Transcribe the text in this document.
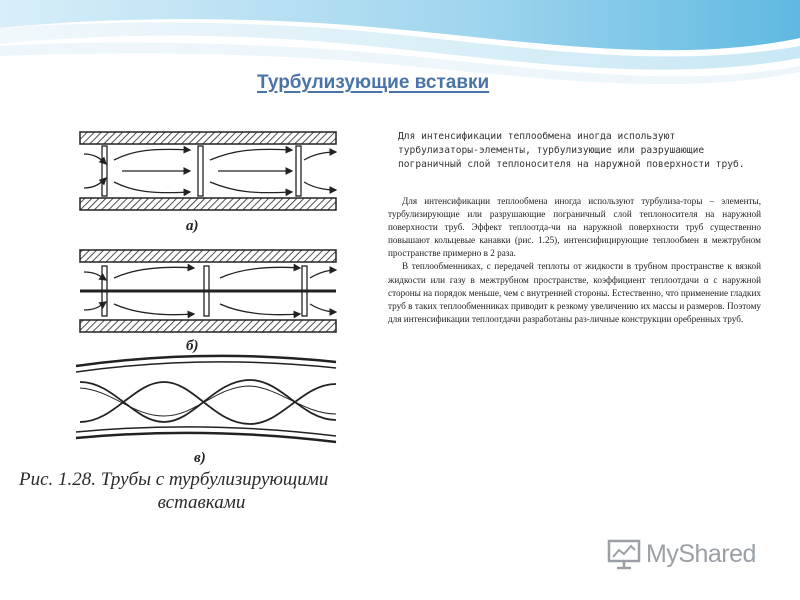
Турбулизующие вставки
а)
б)
в)
Рис. 1.28. Трубы с турбулизирующими
вставками
Для интенсификации теплообмена иногда используют турбулизаторы-элементы, турбулизующие или разрушающие пограничный слой теплоносителя на наружной поверхности труб.

Для интенсификации теплообмена иногда используют турбулиза-торы – элементы, турбулизирующие или разрушающие пограничный слой теплоносителя на наружной поверхности труб. Эффект теплоотда-чи на наружной поверхности труб существенно повышают кольцевые канавки (рис. 1.25), интенсифицирующие теплообмен в межтрубном пространстве примерно в 2 раза.

В теплообменниках, с передачей теплоты от жидкости в трубном пространстве к вязкой жидкости или газу в межтрубном пространстве, коэффициент теплоотдачи α с наружной стороны на порядок меньше, чем с внутренней стороны. Естественно, что применение гладких труб в таких теплообменниках приводит к резкому увеличению их массы и размеров. Поэтому для интенсификации теплоотдачи разработаны раз-личные конструкции оребренных труб.

MyShared
